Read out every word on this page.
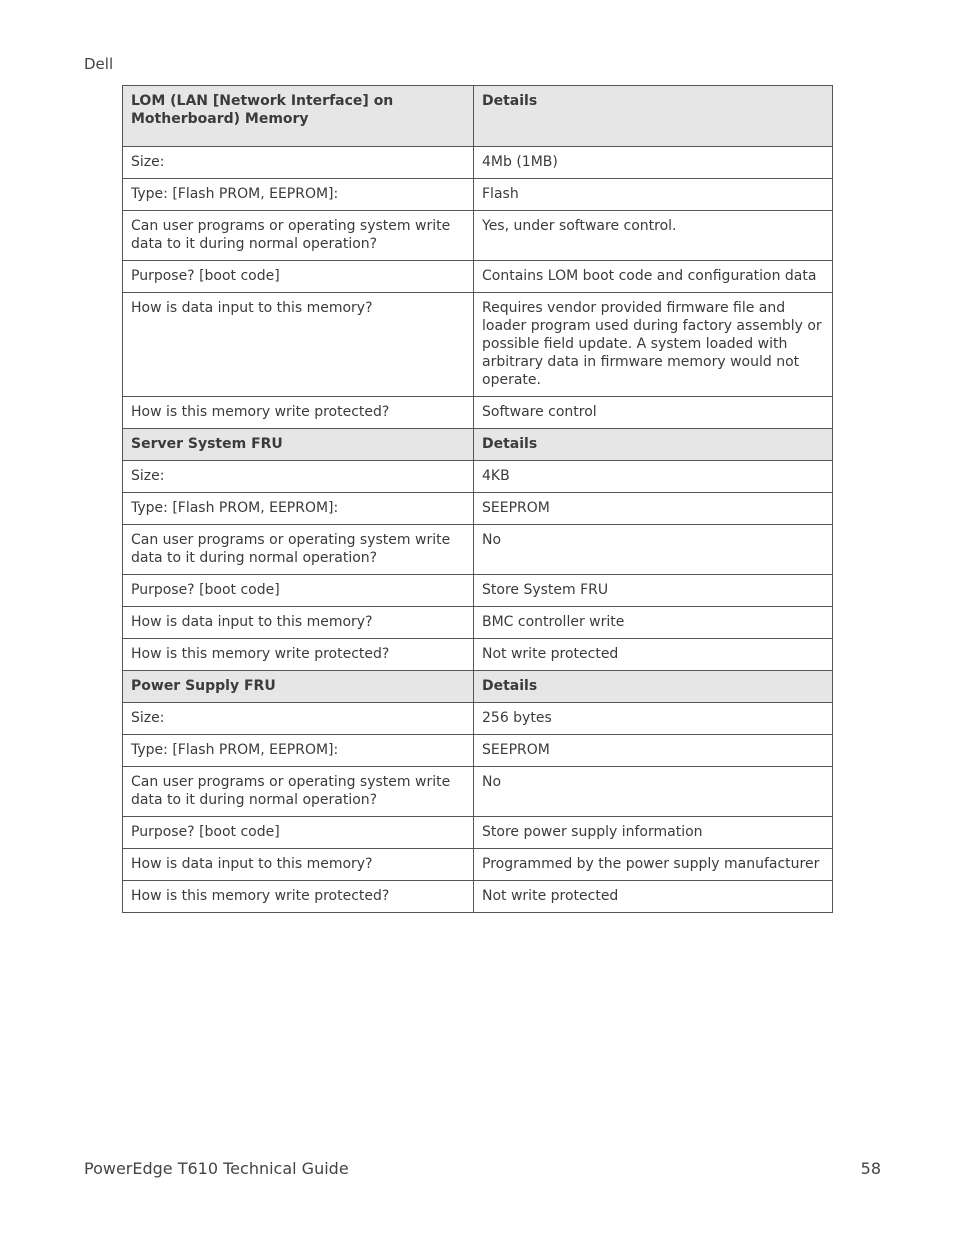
Dell
LOM (LAN [Network Interface] on Motherboard) Memory	Details
Size:	4Mb (1MB)
Type: [Flash PROM, EEPROM]:	Flash
Can user programs or operating system write data to it during normal operation?	Yes, under software control.
Purpose? [boot code]	Contains LOM boot code and configuration data
How is data input to this memory?	Requires vendor provided firmware file and loader program used during factory assembly or possible field update. A system loaded with arbitrary data in firmware memory would not operate.
How is this memory write protected?	Software control
Server System FRU	Details
Size:	4KB
Type: [Flash PROM, EEPROM]:	SEEPROM
Can user programs or operating system write data to it during normal operation?	No
Purpose? [boot code]	Store System FRU
How is data input to this memory?	BMC controller write
How is this memory write protected?	Not write protected
Power Supply FRU	Details
Size:	256 bytes
Type: [Flash PROM, EEPROM]:	SEEPROM
Can user programs or operating system write data to it during normal operation?	No
Purpose? [boot code]	Store power supply information
How is data input to this memory?	Programmed by the power supply manufacturer
How is this memory write protected?	Not write protected
PowerEdge T610 Technical Guide	58
